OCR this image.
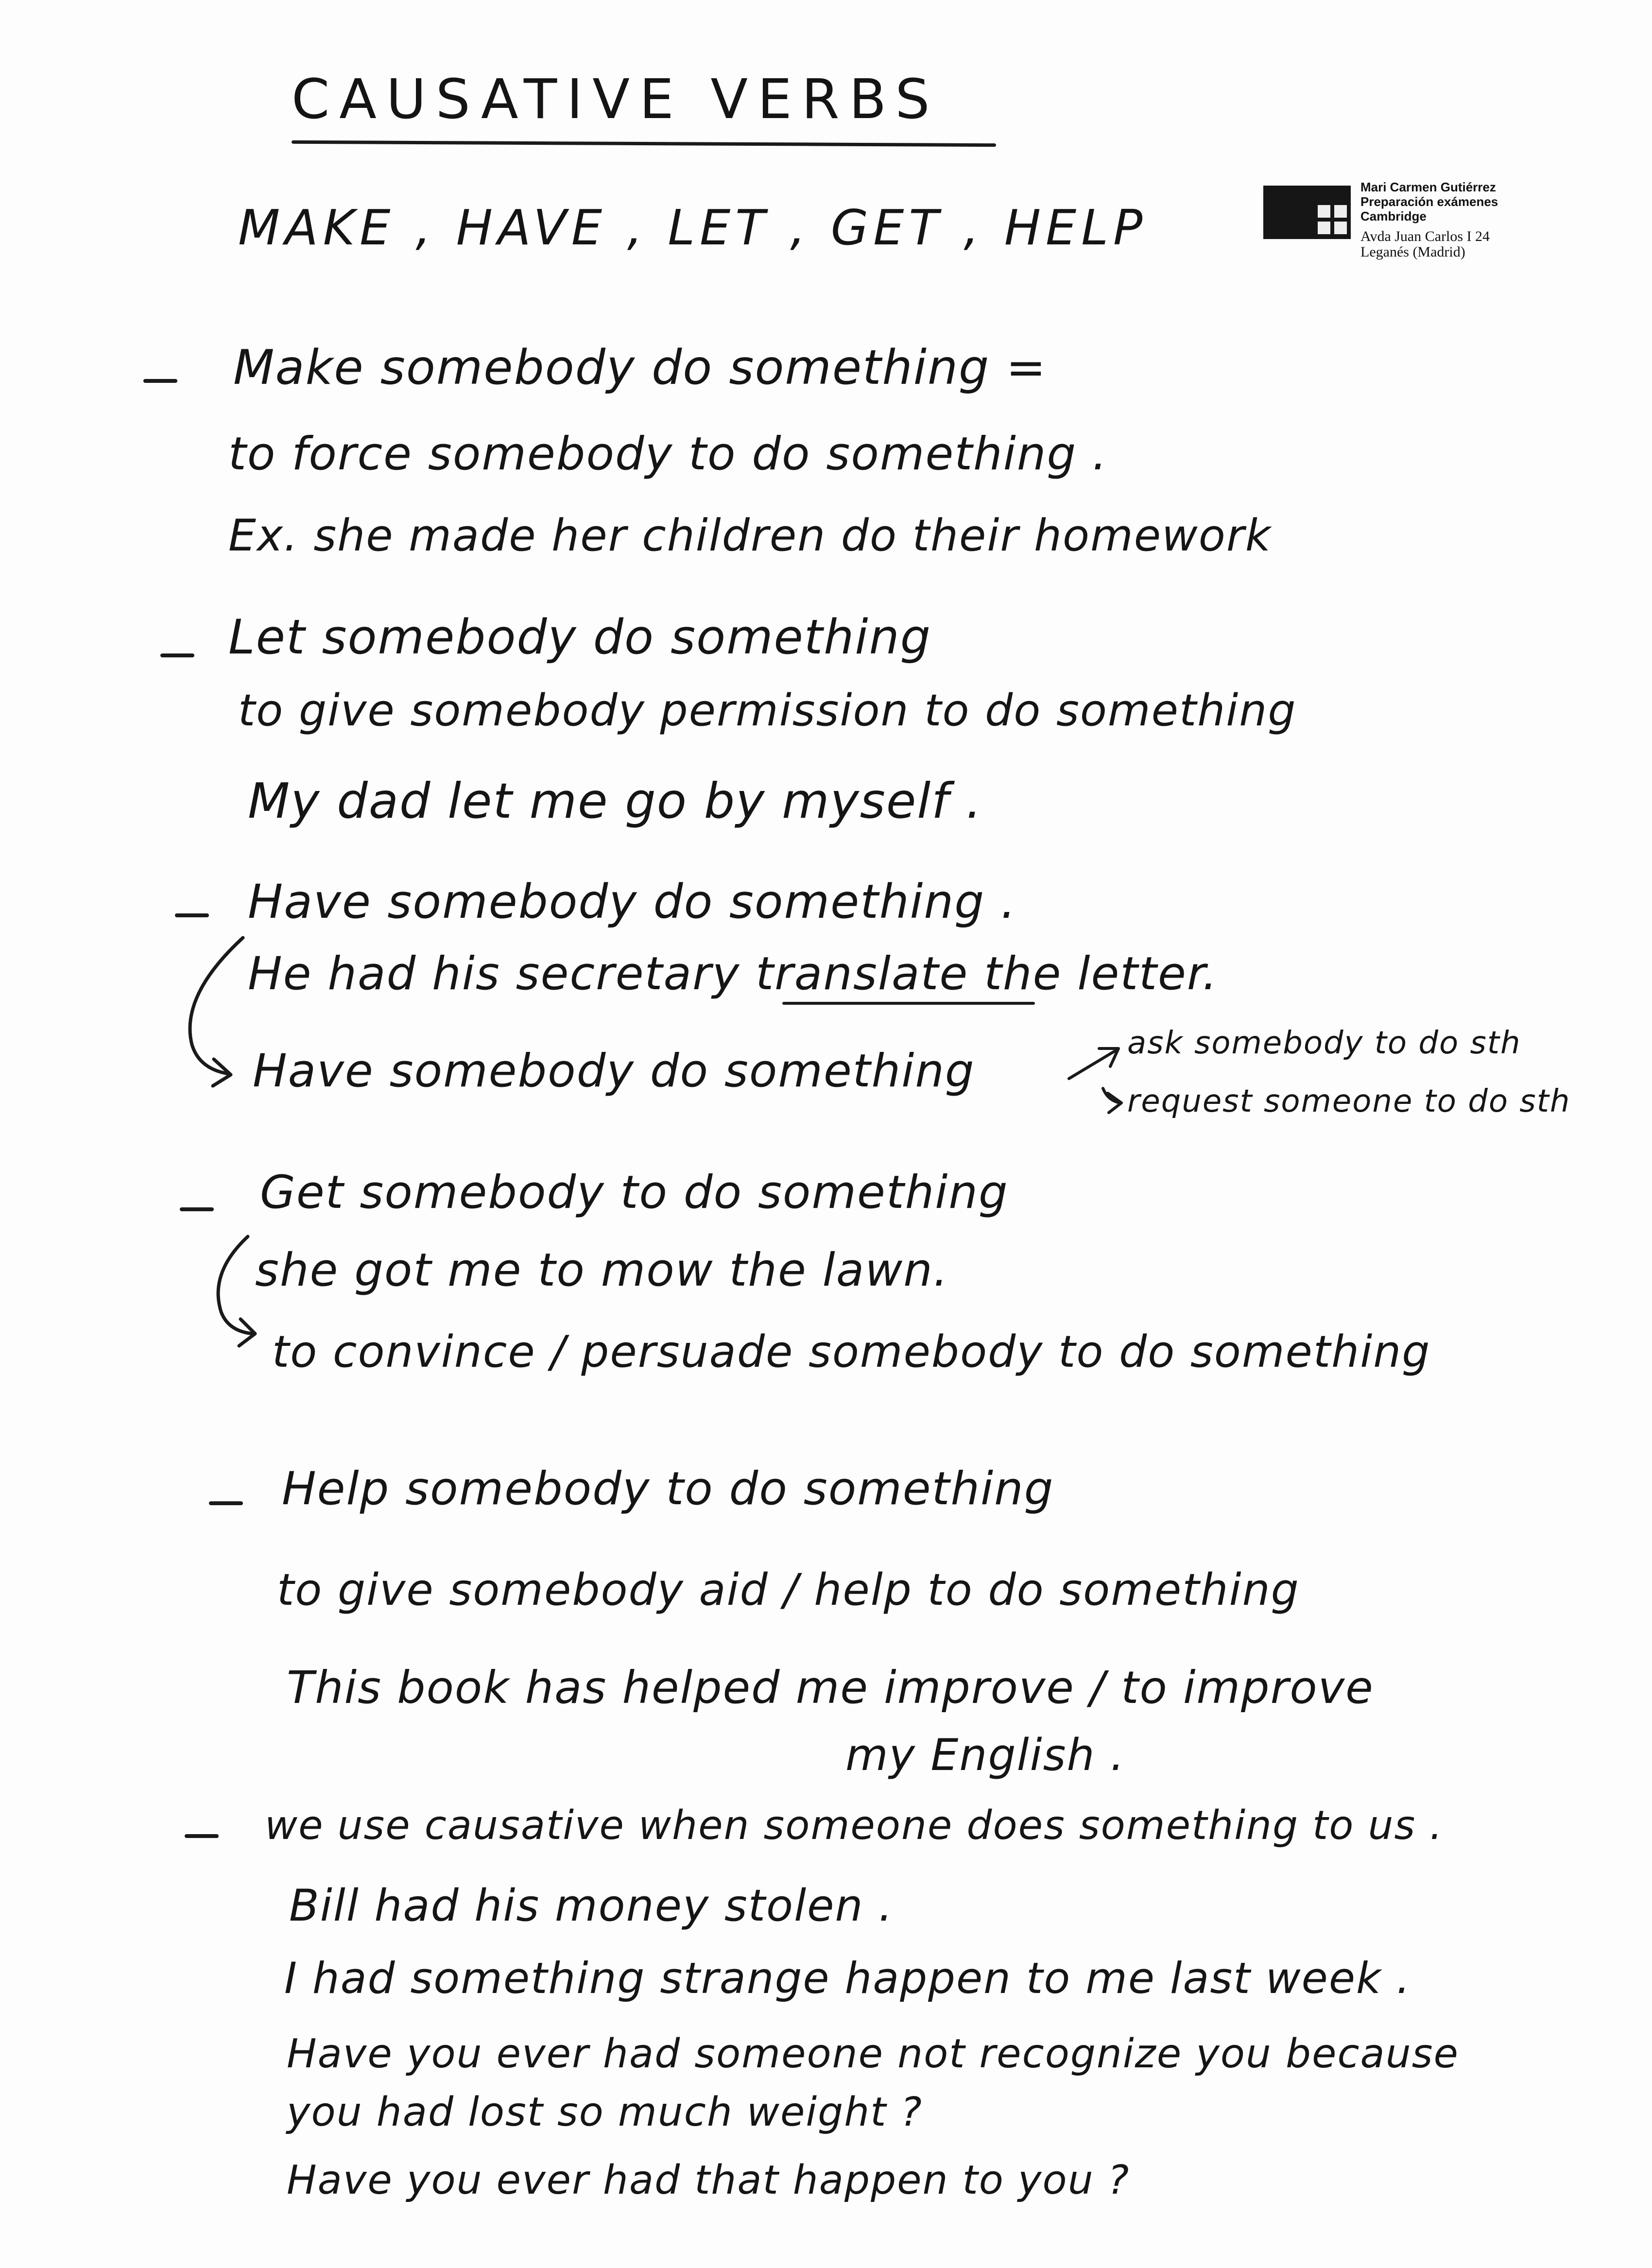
CAUSATIVE VERBS
MAKE , HAVE , LET , GET , HELP
Mari Carmen Gutiérrez
Preparación exámenes
Cambridge
Avda Juan Carlos I 24
Leganés (Madrid)
Make somebody do something =
to force somebody to do something .
Ex. she made her children do their homework
Let somebody do something
to give somebody permission to do something
My dad let me go by myself .
Have somebody do something .
He had his secretary translate the letter.
Have somebody do something
ask somebody to do sth
request someone to do sth
Get somebody to do something
she got me to mow the lawn.
to convince / persuade somebody to do something
Help somebody to do something
to give somebody aid / help to do something
This book has helped me improve / to improve
my English .
we use causative when someone does something to us .
Bill had his money stolen .
I had something strange happen to me last week .
Have you ever had someone not recognize you because
you had lost so much weight ?
Have you ever had that happen to you ?
